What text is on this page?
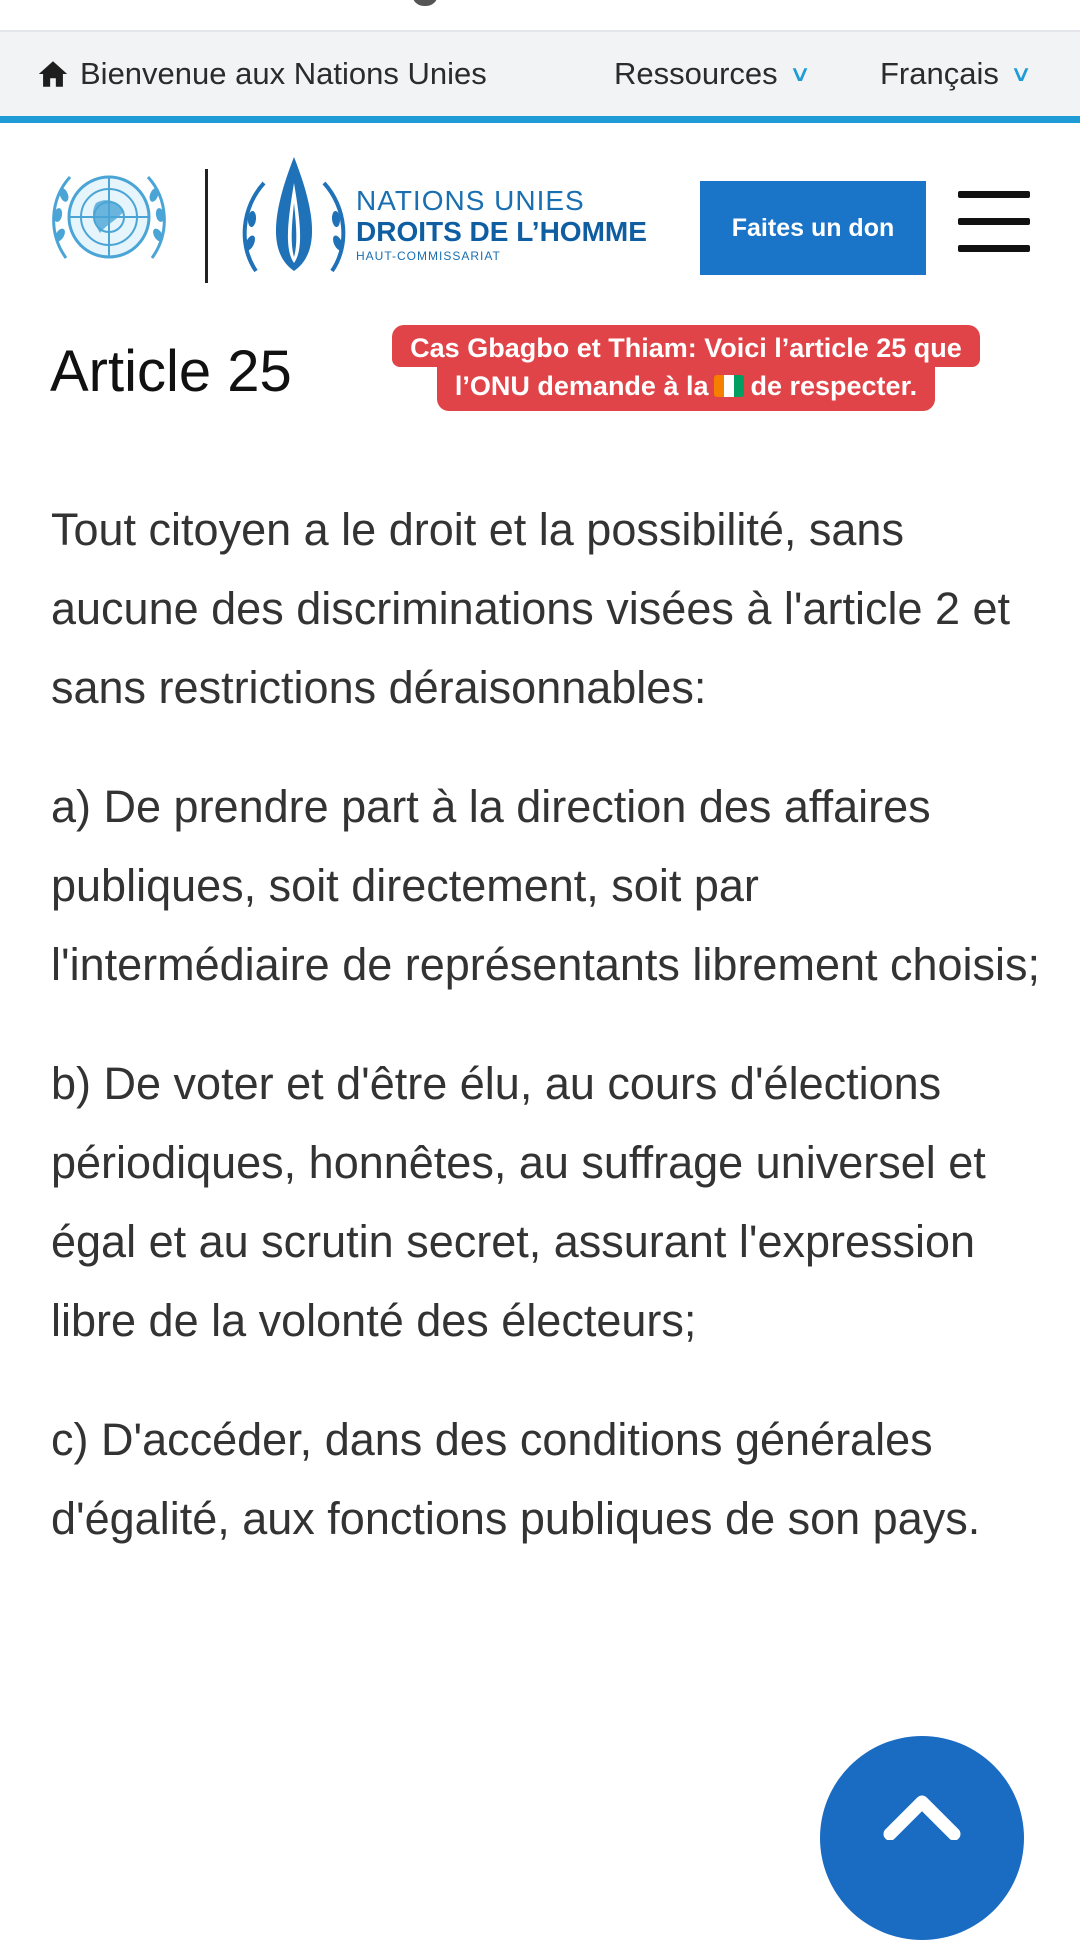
Bienvenue aux Nations Unies	Ressources ∨ Français ∨
NATIONS UNIES
DROITS DE L’HOMME
HAUT-COMMISSARIAT
Faites un don
Article 25	Cas Gbagbo et Thiam: Voici l’article 25 que
l’ONU demande à la de respecter.

Tout citoyen a le droit et la possibilité, sans aucune des discriminations visées à l'article 2 et sans restrictions déraisonnables:

a) De prendre part à la direction des affaires publiques, soit directement, soit par l'intermédiaire de représentants librement choisis;

b) De voter et d'être élu, au cours d'élections périodiques, honnêtes, au suffrage universel et égal et au scrutin secret, assurant l'expression libre de la volonté des électeurs;

c) D'accéder, dans des conditions générales d'égalité, aux fonctions publiques de son pays.
